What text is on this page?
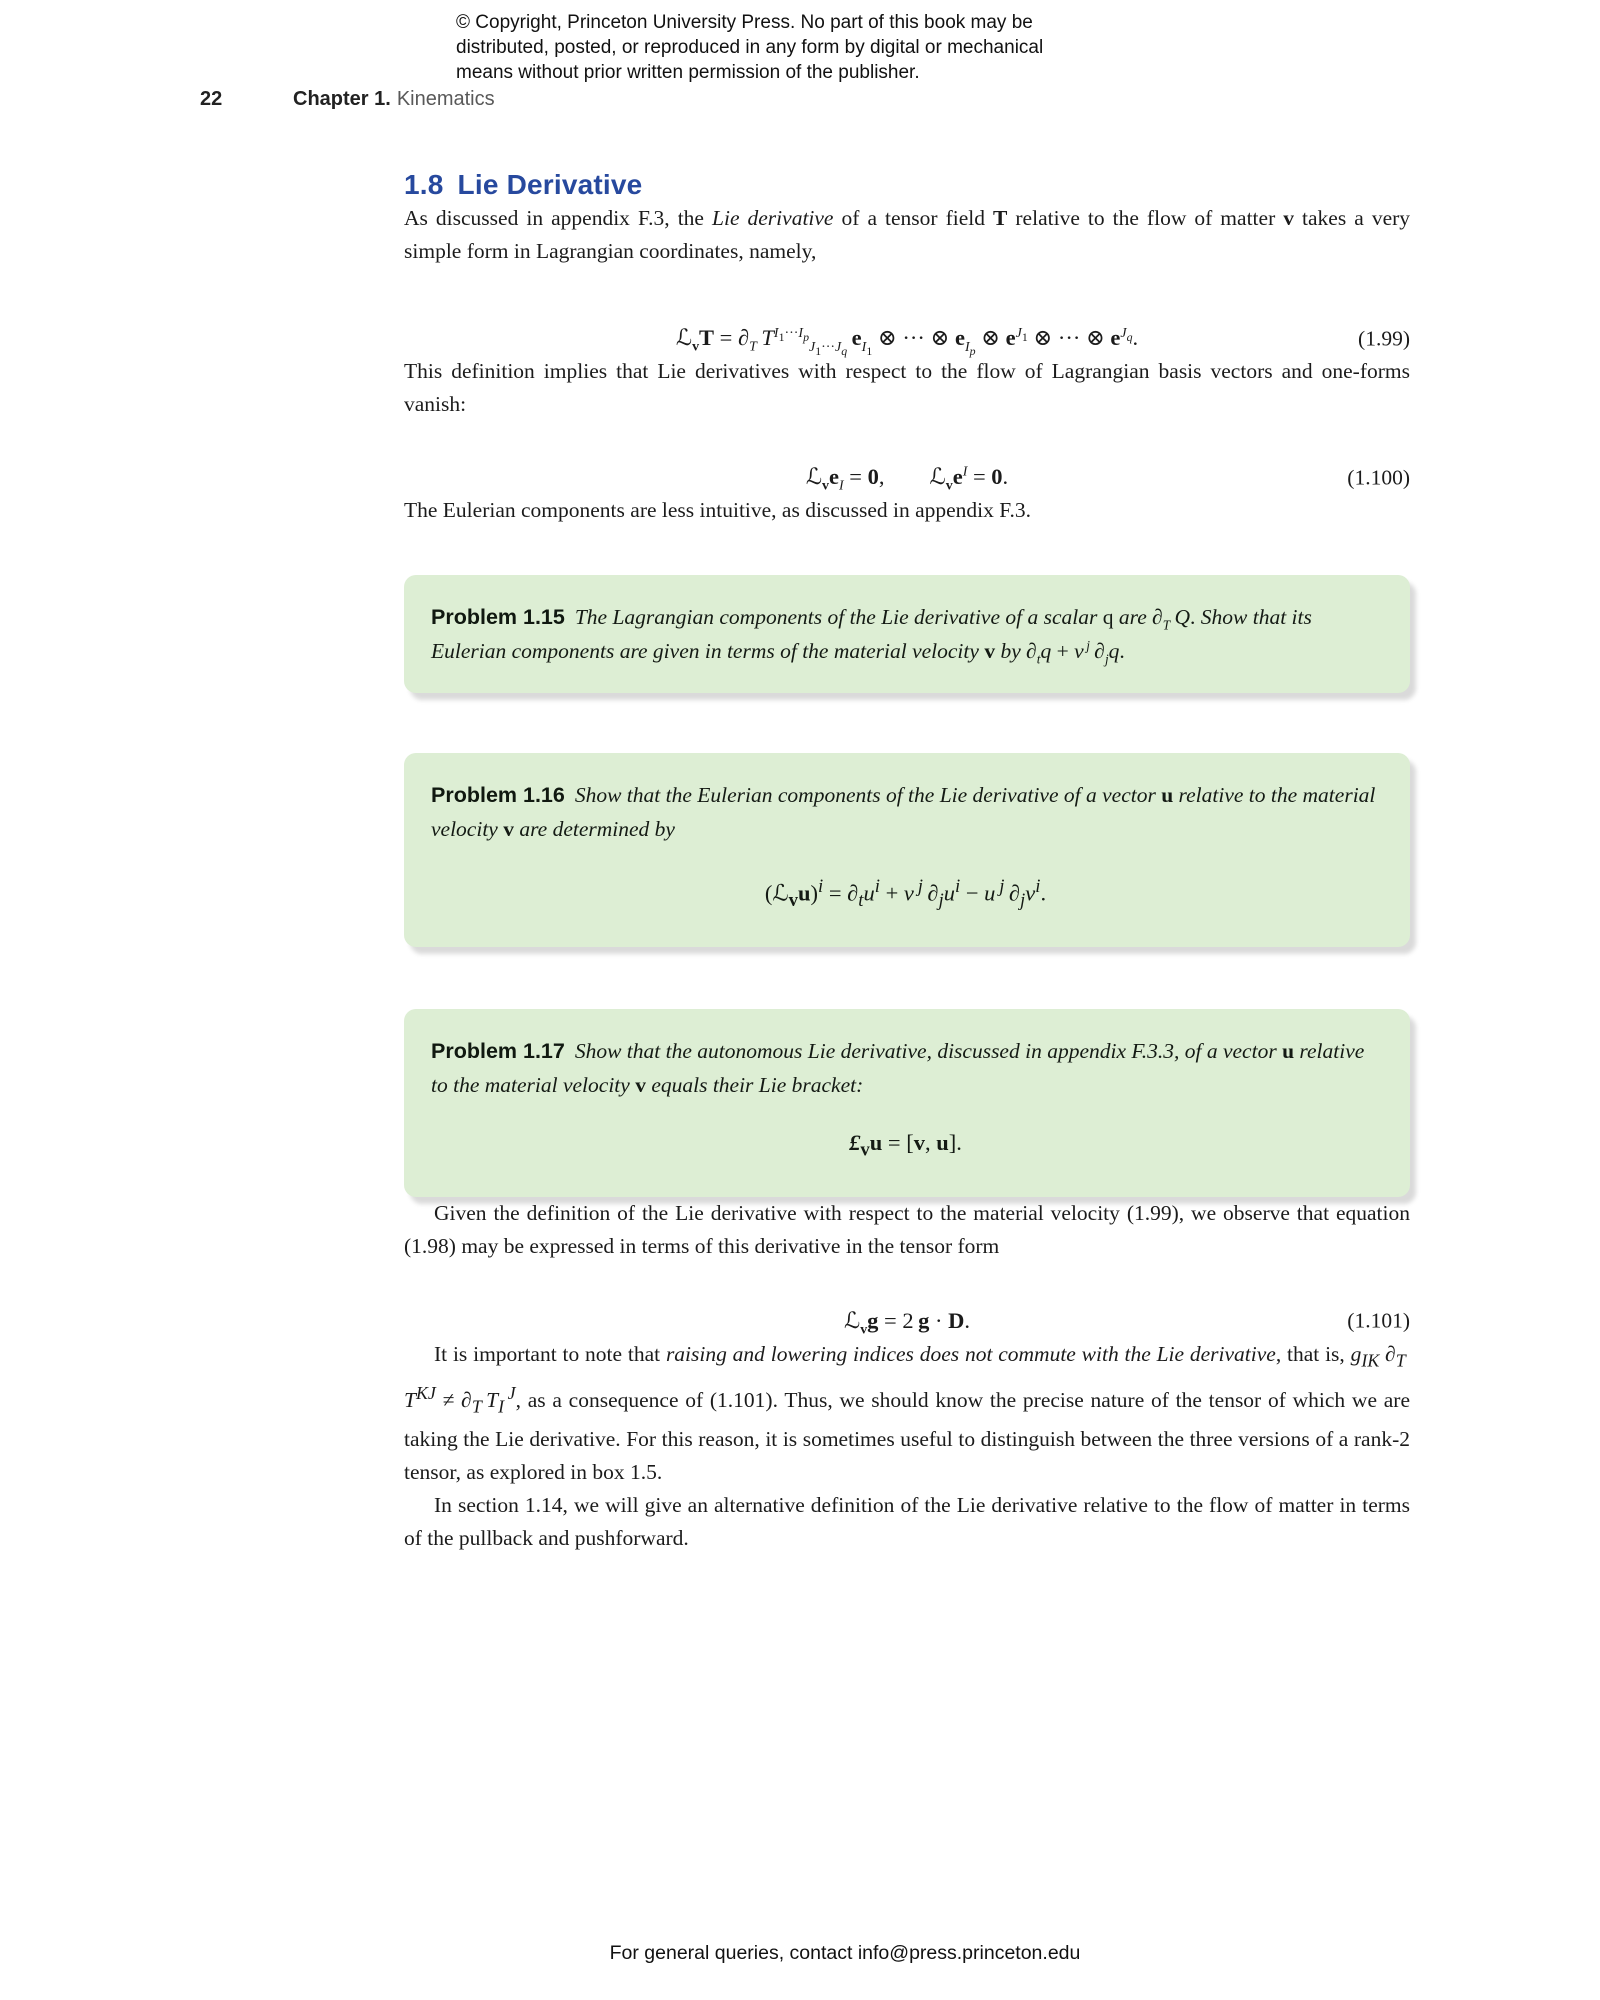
© Copyright, Princeton University Press. No part of this book may be
distributed, posted, or reproduced in any form by digital or mechanical
means without prior written permission of the publisher.
22	Chapter 1. Kinematics
1.8 Lie Derivative

As discussed in appendix F.3, the Lie derivative of a tensor field T relative to the flow of matter v takes a very simple form in Lagrangian coordinates, namely,

ℒ$_v$T = $\partial_T$  $T^{I_1\cdot\cdot\cdot I_p}_{J_1\cdot\cdot\cdot J_q}$ $e_{I_1}$ ⊗ ··· ⊗ $e_{I_p}$ ⊗ $e^{J_1}$ ⊗ ··· ⊗ $e^{J_q}$.	(1.99)

This definition implies that Lie derivatives with respect to the flow of Lagrangian basis vectors and one-forms vanish:

$ℒ_ve_I = 0$,  $ℒ_ve^I = 0$.	(1.100)

The Eulerian components are less intuitive, as discussed in appendix F.3.

Problem 1.15 The Lagrangian components of the Lie derivative of a scalar q are $\partial_T$  Q. Show that its Eulerian components are given in terms of the material velocity v by $\partial_tq + v$  $^j$ $\partial_jq$.

Problem 1.16 Show that the Eulerian components of the Lie derivative of a vector u relative to the material velocity v are determined by

(ℒ$_v$u)$^i$ = $\partial_tu^i + v$  $^j$ $\partial_ju^i - u$  $^j$ $\partial_jv^i$.

Problem 1.17 Show that the autonomous Lie derivative, discussed in appendix F.3.3, of a vector u relative to the material velocity v equals their Lie bracket:

$£_vu = [v$, u].

Given the definition of the Lie derivative with respect to the material velocity (1.99), we observe that equation (1.98) may be expressed in terms of this derivative in the tensor form

ℒ$_v$g = 2 g · D.	(1.101)

It is important to note that raising and lowering indices does not commute with the Lie derivative, that is, $g_{IK}$ $\partial_T$ $T^{KJ} \ne \partial_T$  $T_I$ $^J$, as a consequence of (1.101). Thus, we should know the precise nature of the tensor of which we are taking the Lie derivative. For this reason, it is sometimes useful to distinguish between the three versions of a rank-2 tensor, as explored in box 1.5.

In section 1.14, we will give an alternative definition of the Lie derivative relative to the flow of matter in terms of the pullback and pushforward.

For general queries, contact info@press.princeton.edu
